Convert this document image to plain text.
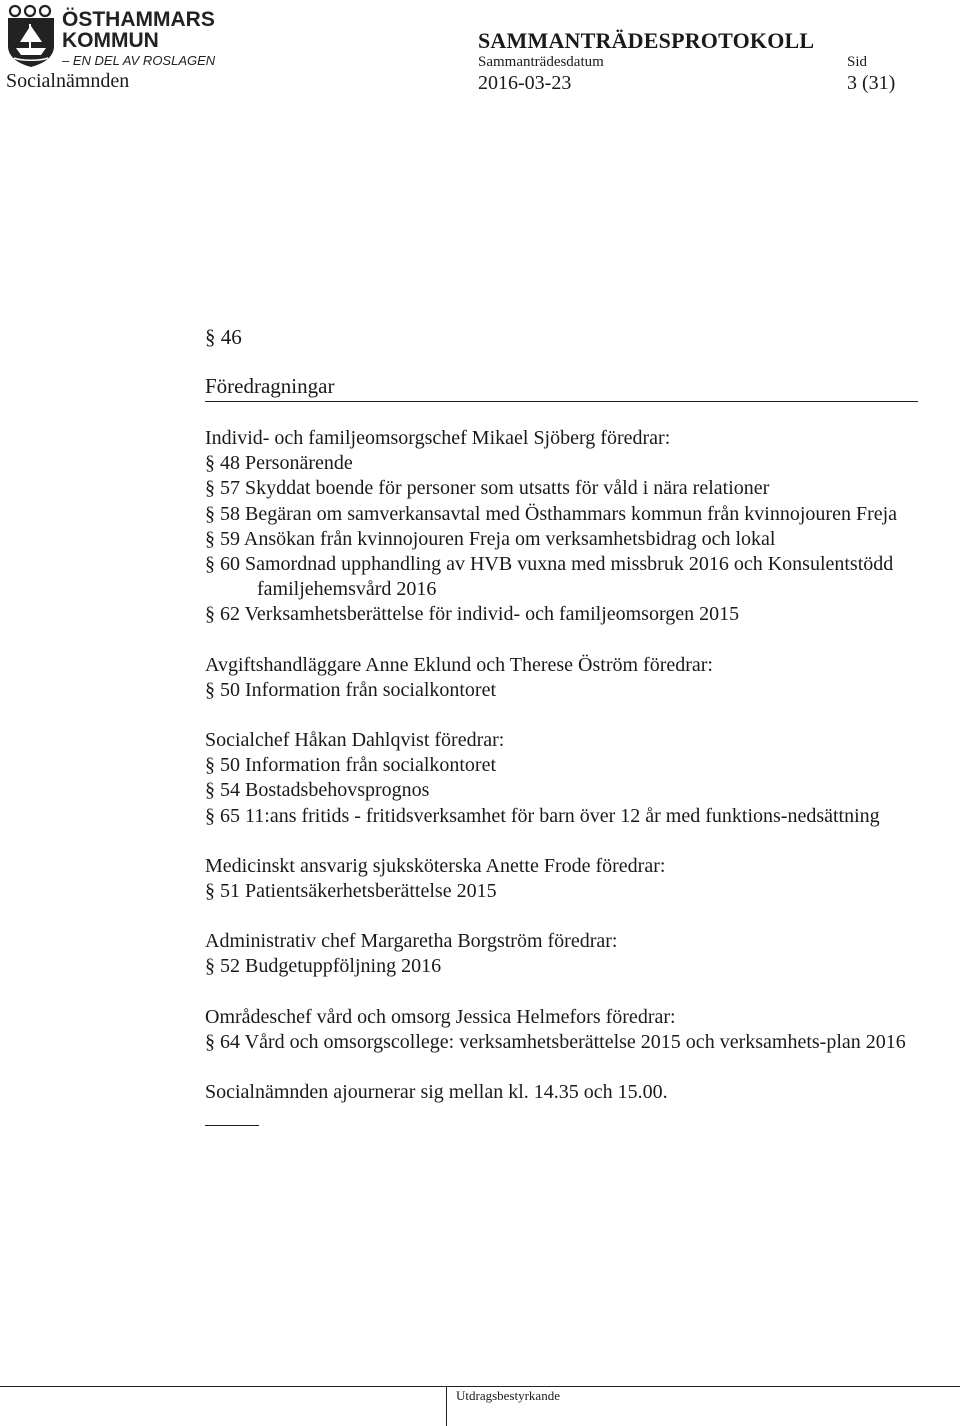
ÖSTHAMMARS
KOMMUN
– EN DEL AV ROSLAGEN
SAMMANTRÄDESPROTOKOLL
Sammanträdesdatum	Sid
2016-03-23	3 (31)
Socialnämnden
§ 46
Föredragningar
Individ- och familjeomsorgschef Mikael Sjöberg föredrar:
§ 48 Personärende
§ 57 Skyddat boende för personer som utsatts för våld i nära relationer
§ 58 Begäran om samverkansavtal med Östhammars kommun från kvinnojouren Freja
§ 59 Ansökan från kvinnojouren Freja om verksamhetsbidrag och lokal
§ 60 Samordnad upphandling av HVB vuxna med missbruk 2016 och Konsulentstödd familjehemsvård 2016
§ 62 Verksamhetsberättelse för individ- och familjeomsorgen 2015
Avgiftshandläggare Anne Eklund och Therese Öström föredrar:
§ 50 Information från socialkontoret
Socialchef Håkan Dahlqvist föredrar:
§ 50 Information från socialkontoret
§ 54 Bostadsbehovsprognos
§ 65 11:ans fritids - fritidsverksamhet för barn över 12 år med funktions-nedsättning
Medicinskt ansvarig sjuksköterska Anette Frode föredrar:
§ 51 Patientsäkerhetsberättelse 2015
Administrativ chef Margaretha Borgström föredrar:
§ 52 Budgetuppföljning 2016
Områdeschef vård och omsorg Jessica Helmefors föredrar:
§ 64 Vård och omsorgscollege: verksamhetsberättelse 2015 och verksamhets-plan 2016
Socialnämnden ajournerar sig mellan kl. 14.35 och 15.00.
Utdragsbestyrkande
